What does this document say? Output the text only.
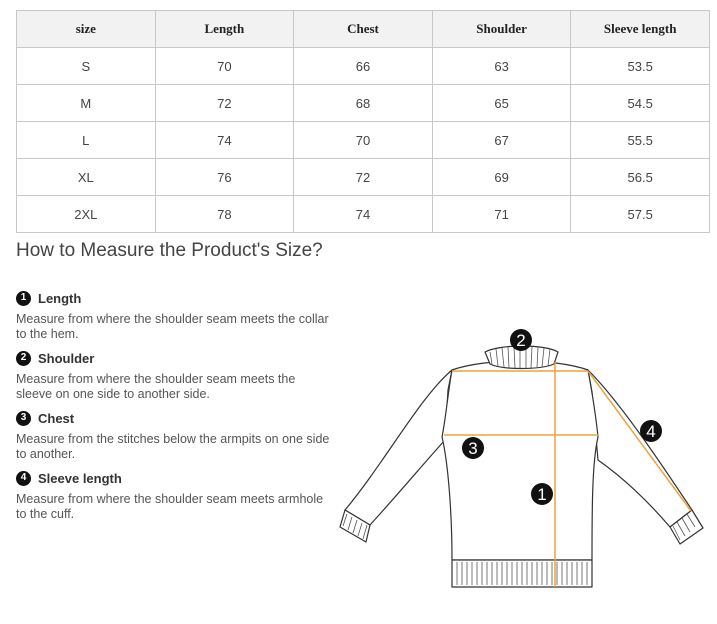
size	Length	Chest	Shoulder	Sleeve length
S	70	66	63	53.5
M	72	68	65	54.5
L	74	70	67	55.5
XL	76	72	69	56.5
2XL	78	74	71	57.5
How to Measure the Product's Size?
1 Length

Measure from where the shoulder seam meets the collar to the hem.

2 Shoulder

Measure from where the shoulder seam meets the sleeve on one side to another side.

3 Chest

Measure from the stitches below the armpits on one side to another.

4 Sleeve length

Measure from where the shoulder seam meets armhole to the cuff.

1
2
3
4
